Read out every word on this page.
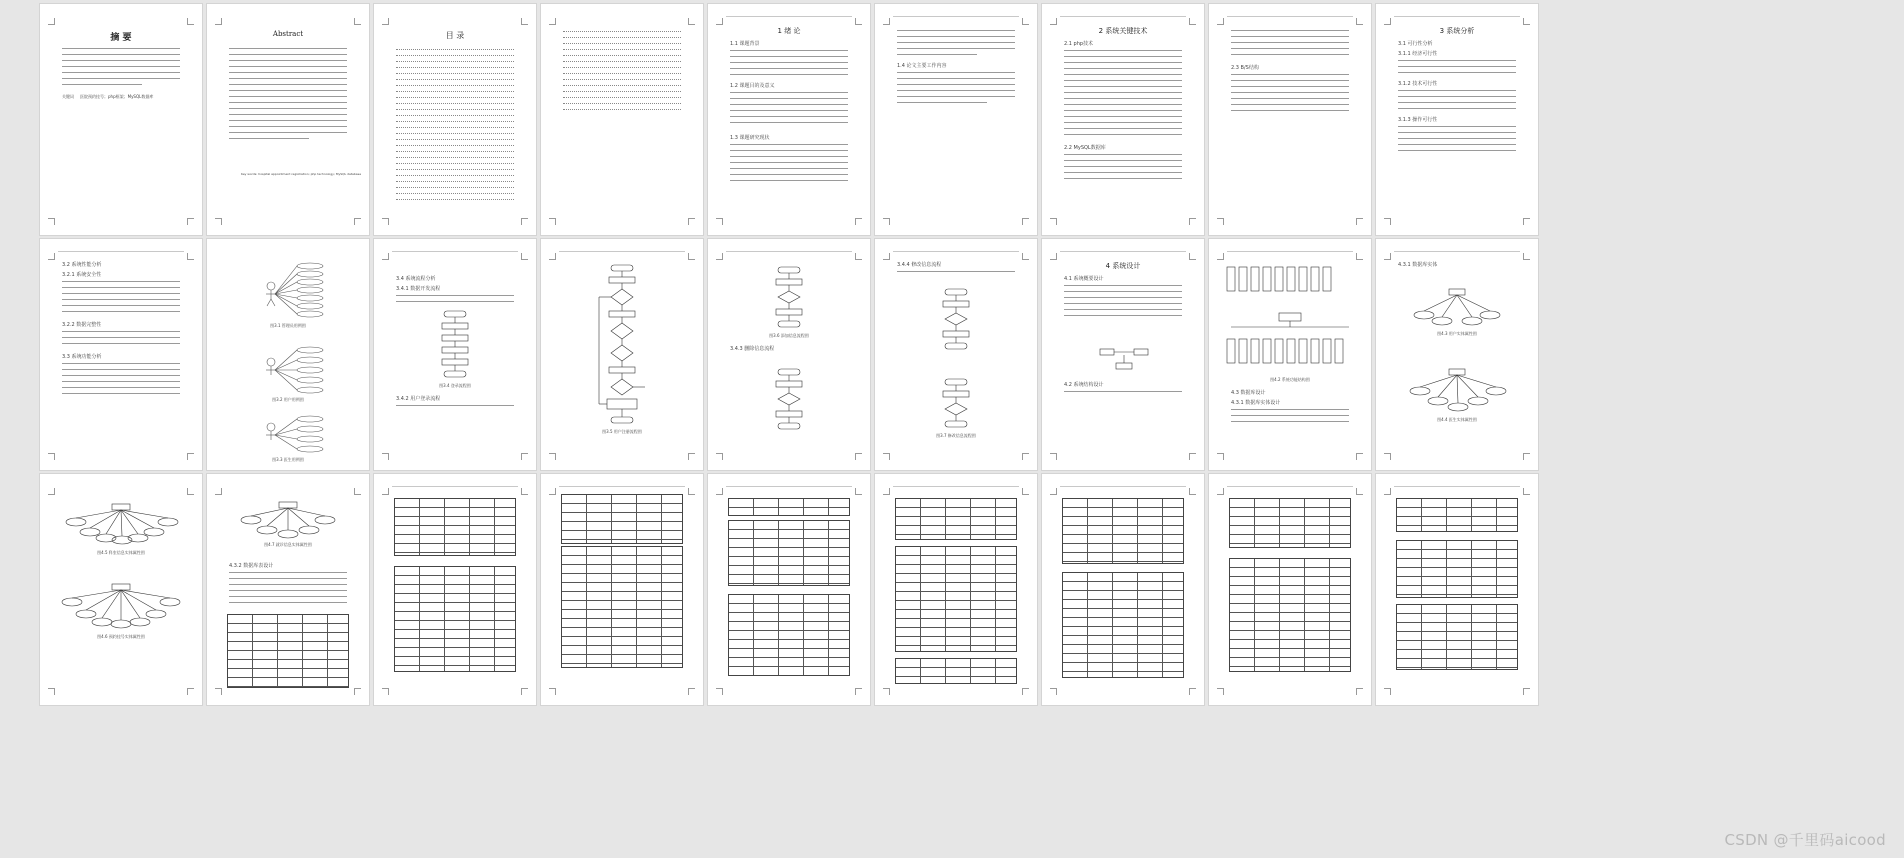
摘 要
关键词 医院预约挂号；php框架；MySQL数据库
Abstract
Key words: hospital appointment registration; php technology; MySQL database
目 录	1 绪 论
1.1 课题背景
1.2 课题目的及意义
1.3 课题研究现状
1.4 论文主要工作内容
2 系统关键技术
2.1 php技术
2.2 MySQL数据库
2.3 B/S结构
3 系统分析
3.1 可行性分析
3.1.1 经济可行性
3.1.2 技术可行性
3.1.3 操作可行性
3.2 系统性能分析
3.2.1 系统安全性
3.2.2 数据完整性
3.3 系统功能分析
图3.1 管理员用例图
图3.2 用户用例图
图3.3 医生用例图
3.4 系统流程分析
3.4.1 数据开发流程
图3.4 登录流程图
3.4.2 用户登录流程
图3.5 用户注册流程图
图3.6 添加信息流程图
3.4.3 删除信息流程
3.4.4 修改信息流程
图3.7 修改信息流程图
4 系统设计
4.1 系统概要设计
4.2 系统结构设计
图4.2 系统功能结构图
4.3 数据库设计
4.3.1 数据库实体设计
4.3.1 数据库实体
图4.3 用户实体属性图
图4.4 医生实体属性图
图4.5 科室信息实体属性图
图4.6 预约挂号实体属性图
图4.7 就诊信息实体属性图
4.3.2 数据库表设计
CSDN @千里码aicood
